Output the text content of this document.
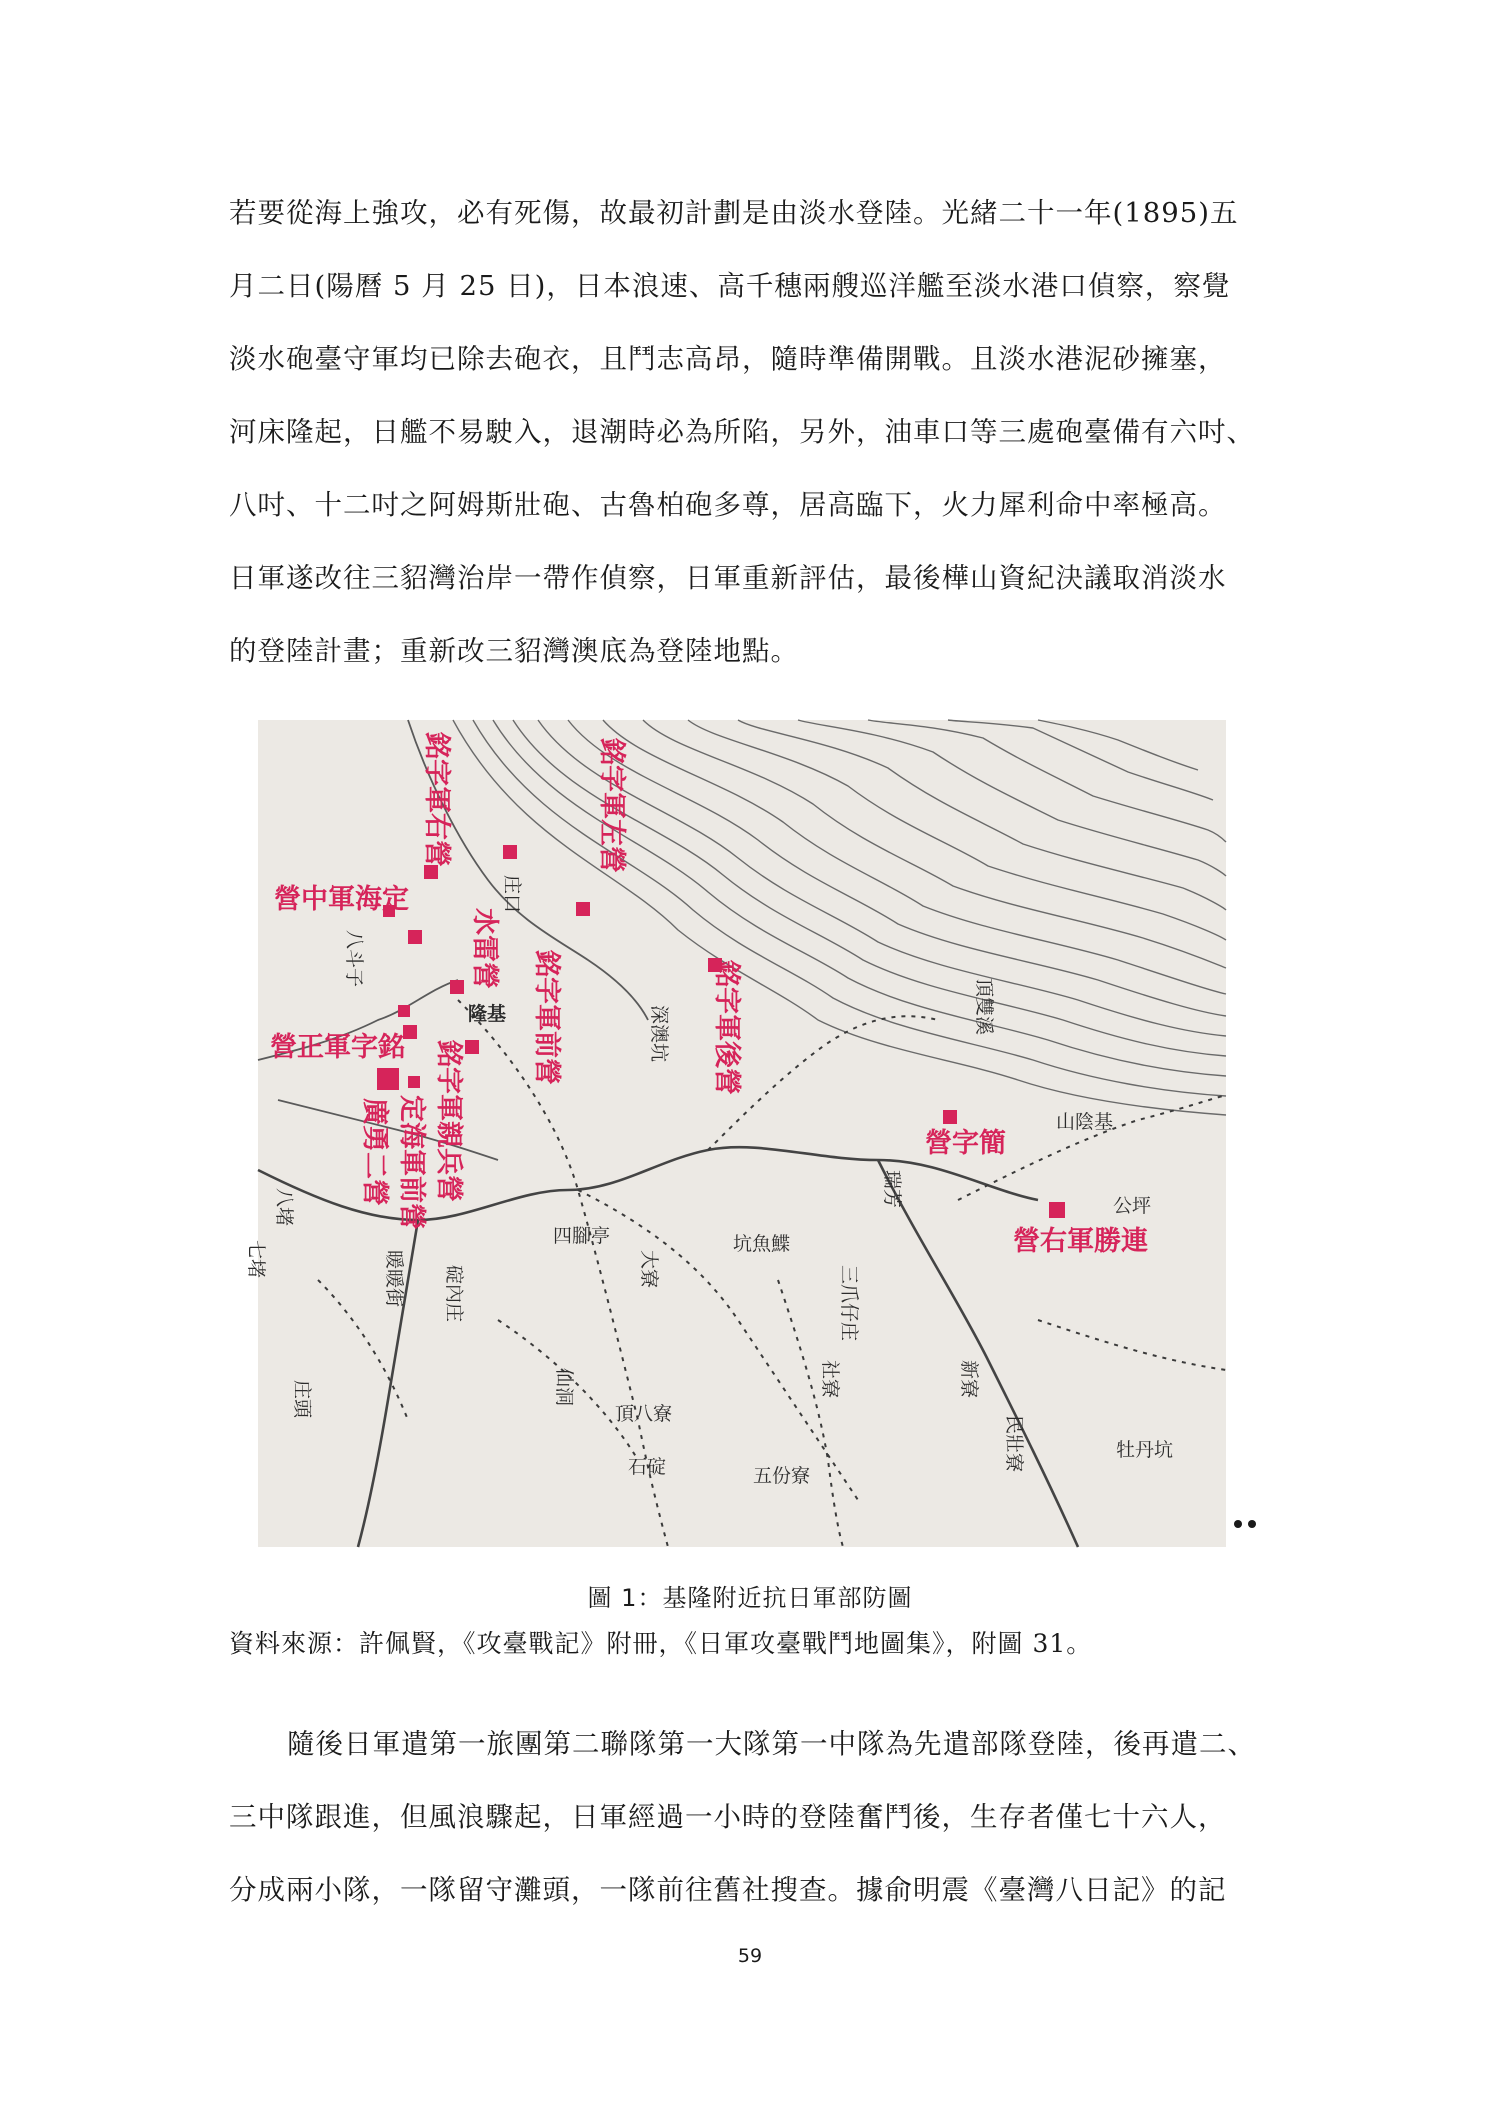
若要從海上強攻，必有死傷，故最初計劃是由淡水登陸。光緒二十一年(1895)五
月二日(陽曆 5 月 25 日)，日本浪速、高千穗兩艘巡洋艦至淡水港口偵察，察覺
淡水砲臺守軍均已除去砲衣，且鬥志高昂，隨時準備開戰。且淡水港泥砂擁塞，
河床隆起，日艦不易駛入，退潮時必為所陷，另外，油車口等三處砲臺備有六吋、
八吋、十二吋之阿姆斯壯砲、古魯柏砲多尊，居高臨下，火力犀利命中率極高。
日軍遂改往三貂灣治岸一帶作偵察，日軍重新評估，最後樺山資紀決議取消淡水
的登陸計畫；重新改三貂灣澳底為登陸地點。
銘字軍右營	銘字軍左營
營中軍海定
水雷營
銘字軍前營	銘字軍後營
營正軍字銘 銘字軍親兵營
定海軍前營
廣勇二營	營字簡
營右軍勝連
隆基
四腳亭
大寮
八堵
七堵	暖暖街 碇內庄
深澳坑
坑魚鰈
庄口
山陰基
公坪
頂雙溪
民壯寮	牡丹坑
新寮
頂八寮
石碇	五份寮
三爪仔庄
瑞芳
社寮
仙洞
八斗子
庄頭

圖 1：基隆附近抗日軍部防圖

資料來源：許佩賢，《攻臺戰記》附冊，《日軍攻臺戰鬥地圖集》，附圖 31。

隨後日軍遣第一旅團第二聯隊第一大隊第一中隊為先遣部隊登陸，後再遣二、
三中隊跟進，但風浪驟起，日軍經過一小時的登陸奮鬥後，生存者僅七十六人，
分成兩小隊，一隊留守灘頭，一隊前往舊社搜查。據俞明震《臺灣八日記》的記
59
